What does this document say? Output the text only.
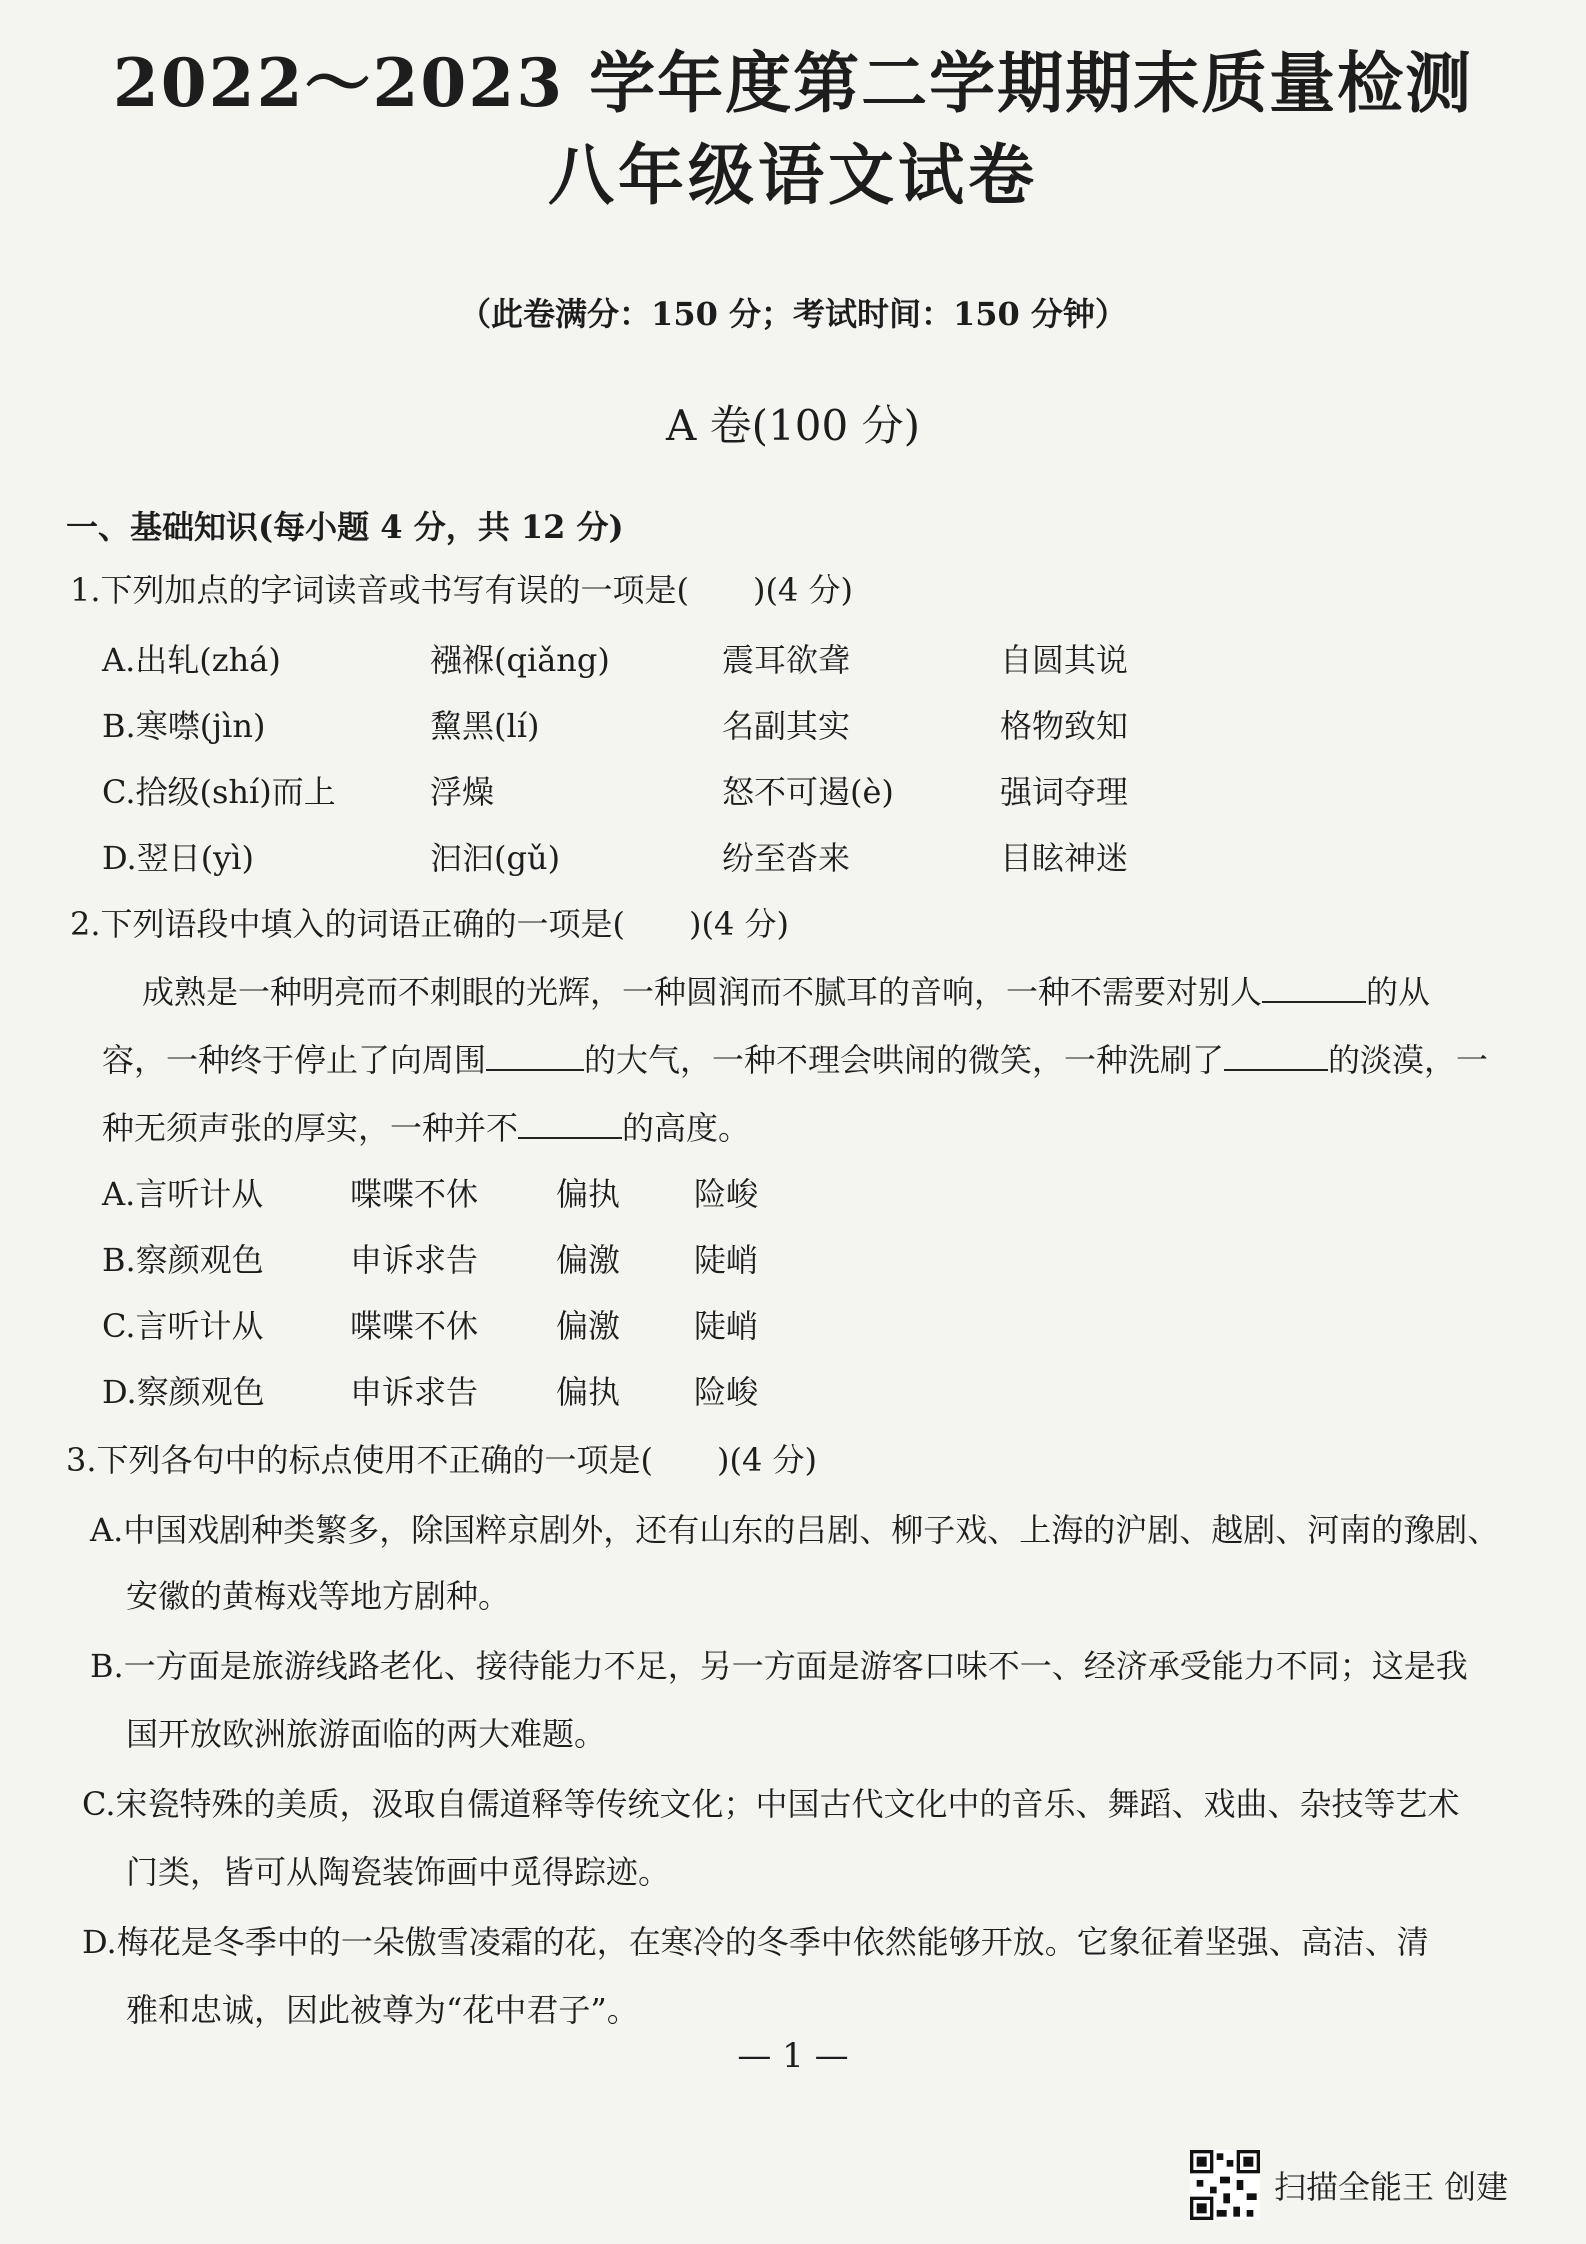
2022～2023 学年度第二学期期末质量检测
八年级语文试卷
（此卷满分：150 分；考试时间：150 分钟）
A 卷(100 分)
一、基础知识(每小题 4 分，共 12 分)
1.下列加点的字词读音或书写有误的一项是( )(4 分)
A.出轧(zhá)	襁褓(qiǎng)	震耳欲聋	自圆其说
B.寒噤(jìn)	黧黑(lí)	名副其实	格物致知
C.拾级(shí)而上	浮燥	怒不可遏(è)	强词夺理
D.翌日(yì)	汩汩(gǔ)	纷至沓来	目眩神迷
2.下列语段中填入的词语正确的一项是( )(4 分)
成熟是一种明亮而不刺眼的光辉，一种圆润而不腻耳的音响，一种不需要对别人	的从
容，一种终于停止了向周围	的大气，一种不理会哄闹的微笑，一种洗刷了	的淡漠，一
种无须声张的厚实，一种并不	的高度。
A.言听计从	喋喋不休 偏执 险峻
B.察颜观色	申诉求告 偏激 陡峭
C.言听计从	喋喋不休 偏激 陡峭
D.察颜观色	申诉求告 偏执 险峻
3.下列各句中的标点使用不正确的一项是( )(4 分)
A.中国戏剧种类繁多，除国粹京剧外，还有山东的吕剧、柳子戏、上海的沪剧、越剧、河南的豫剧、
安徽的黄梅戏等地方剧种。
B.一方面是旅游线路老化、接待能力不足，另一方面是游客口味不一、经济承受能力不同；这是我
国开放欧洲旅游面临的两大难题。
C.宋瓷特殊的美质，汲取自儒道释等传统文化；中国古代文化中的音乐、舞蹈、戏曲、杂技等艺术
门类，皆可从陶瓷装饰画中觅得踪迹。
D.梅花是冬季中的一朵傲雪凌霜的花，在寒冷的冬季中依然能够开放。它象征着坚强、高洁、清
雅和忠诚，因此被尊为“花中君子”。
— 1 —
扫描全能王 创建
